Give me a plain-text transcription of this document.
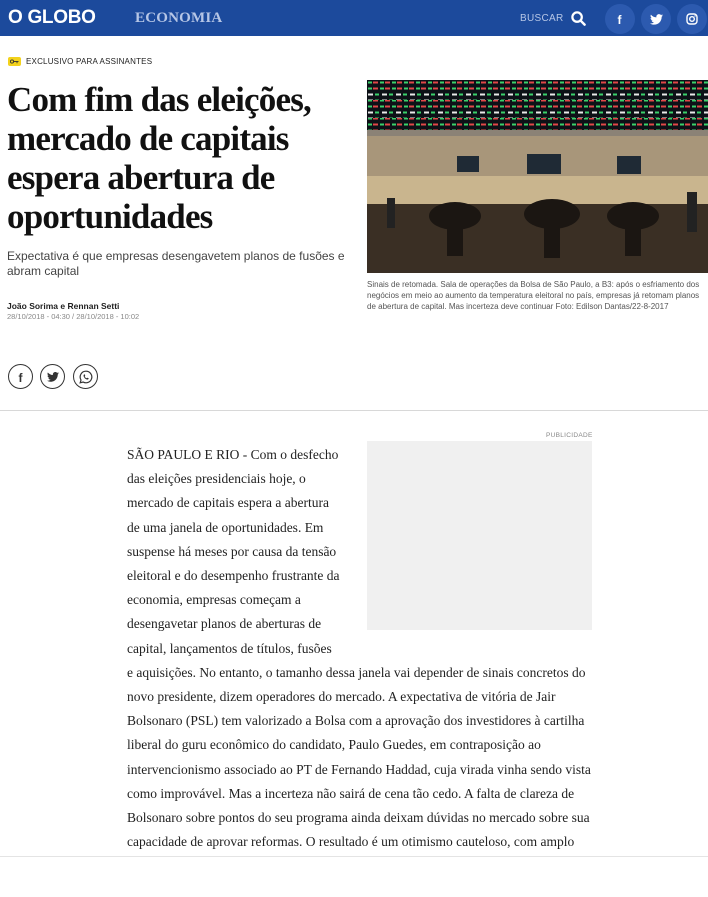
O GLOBO	ECONOMIA	BUSCAR	f
EXCLUSIVO PARA ASSINANTES
Com fim das eleições, mercado de capitais espera abertura de oportunidades

Expectativa é que empresas desengavetem planos de fusões e abram capital

João Sorima e Rennan Setti
28/10/2018 - 04:30 / 28/10/2018 - 10:02

Sinais de retomada. Sala de operações da Bolsa de São Paulo, a B3: após o esfriamento dos negócios em meio ao aumento da temperatura eleitoral no país, empresas já retomam planos de abertura de capital. Mas incerteza deve continuar Foto: Edilson Dantas/22-8-2017

f
PUBLICIDADE
SÃO PAULO E RIO - Com o desfecho das eleições presidenciais hoje, o mercado de capitais espera a abertura de uma janela de oportunidades. Em suspense há meses por causa da tensão eleitoral e do desempenho frustrante da economia, empresas começam a desengavetar planos de aberturas de capital, lançamentos de títulos, fusões e aquisições. No entanto, o tamanho dessa janela vai depender de sinais concretos do novo presidente, dizem operadores do mercado. A expectativa de vitória de Jair Bolsonaro (PSL) tem valorizado a Bolsa com a aprovação dos investidores à cartilha liberal do guru econômico do candidato, Paulo Guedes, em contraposição ao intervencionismo associado ao PT de Fernando Haddad, cuja virada vinha sendo vista como improvável. Mas a incerteza não sairá de cena tão cedo. A falta de clareza de Bolsonaro sobre pontos do seu programa ainda deixam dúvidas no mercado sobre sua capacidade de aprovar reformas. O resultado é um otimismo cauteloso, com amplo
